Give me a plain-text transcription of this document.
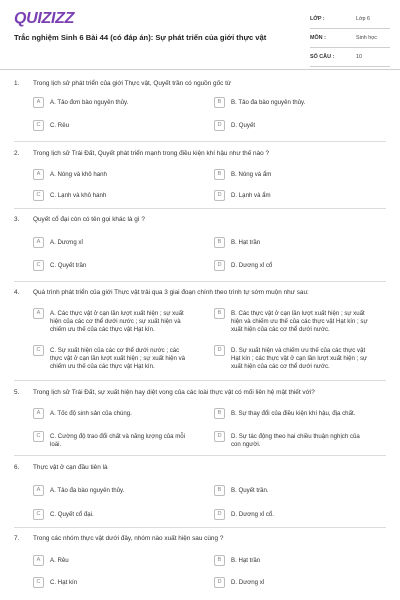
QUIZIZZ
Trắc nghiệm Sinh 6 Bài 44 (có đáp án): Sự phát triển của giới thực vật
LỚP :	Lớp 6
MÔN :	Sinh học
SỐ CÂU :	10
1. Trong lịch sử phát triển của giới Thực vật, Quyết trần có nguồn gốc từ
A	A. Tảo đơn bào nguyên thủy.	B	B. Tảo đa bào nguyên thủy.
C	C. Rêu	D	D. Quyết
2. Trong lịch sử Trái Đất, Quyết phát triển mạnh trong điều kiện khí hậu như thế nào ?
A	A. Nóng và khô hanh	B	B. Nóng và ẩm
C	C. Lạnh và khô hanh	D	D. Lạnh và ẩm
3. Quyết cổ đại còn có tên gọi khác là gì ?
A	A. Dương xỉ	B	B. Hạt trần
C	C. Quyết trần	D	D. Dương xỉ cổ
4. Quá trình phát triển của giới Thực vật trải qua 3 giai đoạn chính theo trình tự sớm muộn như sau:
A	A. Các thực vật ở cạn lần lượt xuất hiện ; sự xuất hiện của các cơ thể dưới nước ; sự xuất hiện và chiếm ưu thế của các thực vật Hạt kín.
B	B. Các thực vật ở cạn lần lượt xuất hiện ; sự xuất hiện và chiếm ưu thế của các thực vật Hạt kín ; sự xuất hiện của các cơ thể dưới nước.
C	C. Sự xuất hiện của các cơ thể dưới nước ; các thực vật ở cạn lần lượt xuất hiện ; sự xuất hiện và chiếm ưu thế của các thực vật Hạt kín.
D	D. Sự xuất hiện và chiếm ưu thế của các thực vật Hạt kín ; các thực vật ở cạn lần lượt xuất hiện ; sự xuất hiện của các cơ thể dưới nước.
5. Trong lịch sử Trái Đất, sự xuất hiện hay diệt vong của các loài thực vật có mối liên hệ mật thiết với?
A	A. Tốc độ sinh sản của chúng.	B	B. Sự thay đổi của điều kiện khí hậu, địa chất.
C	C. Cường độ trao đổi chất và năng lượng của mỗi loài.
D	D. Sự tác động theo hai chiều thuận nghịch của con người.
6. Thực vật ở cạn đầu tiên là
A	A. Tảo đa bào nguyên thủy.	B	B. Quyết trần.
C	C. Quyết cổ đại.	D	D. Dương xỉ cổ.
7. Trong các nhóm thực vật dưới đây, nhóm nào xuất hiện sau cùng ?
A	A. Rêu	B	B. Hạt trần
C	C. Hạt kín	D	D. Dương xỉ
